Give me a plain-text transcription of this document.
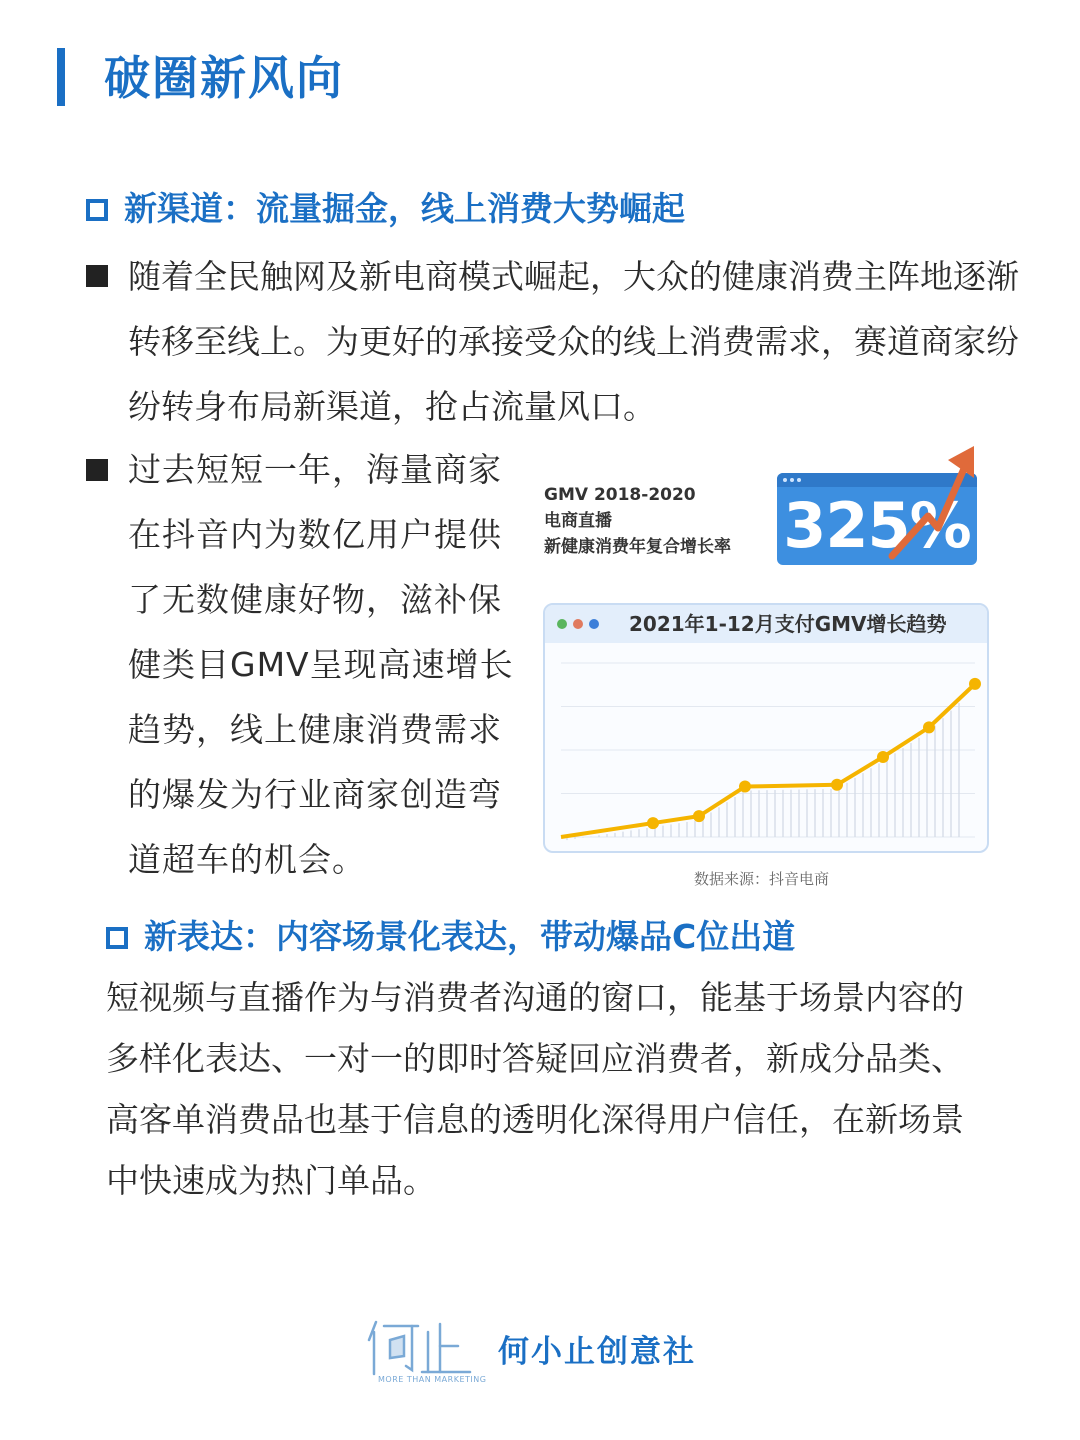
破圈新风向
新渠道：流量掘金，线上消费大势崛起
随着全民触网及新电商模式崛起，大众的健康消费主阵地逐渐转移至线上。为更好的承接受众的线上消费需求，赛道商家纷纷转身布局新渠道，抢占流量风口。
过去短短一年，海量商家在抖音内为数亿用户提供了无数健康好物，滋补保健类目GMV呈现高速增长趋势，线上健康消费需求的爆发为行业商家创造弯道超车的机会。
GMV 2018-2020
电商直播
新健康消费年复合增长率 325%
2021年1-12月支付GMV增长趋势
数据来源：抖音电商
新表达：内容场景化表达，带动爆品C位出道
短视频与直播作为与消费者沟通的窗口，能基于场景内容的多样化表达、一对一的即时答疑回应消费者，新成分品类、高客单消费品也基于信息的透明化深得用户信任，在新场景中快速成为热门单品。
MORE THAN MARKETING
何小止创意社
